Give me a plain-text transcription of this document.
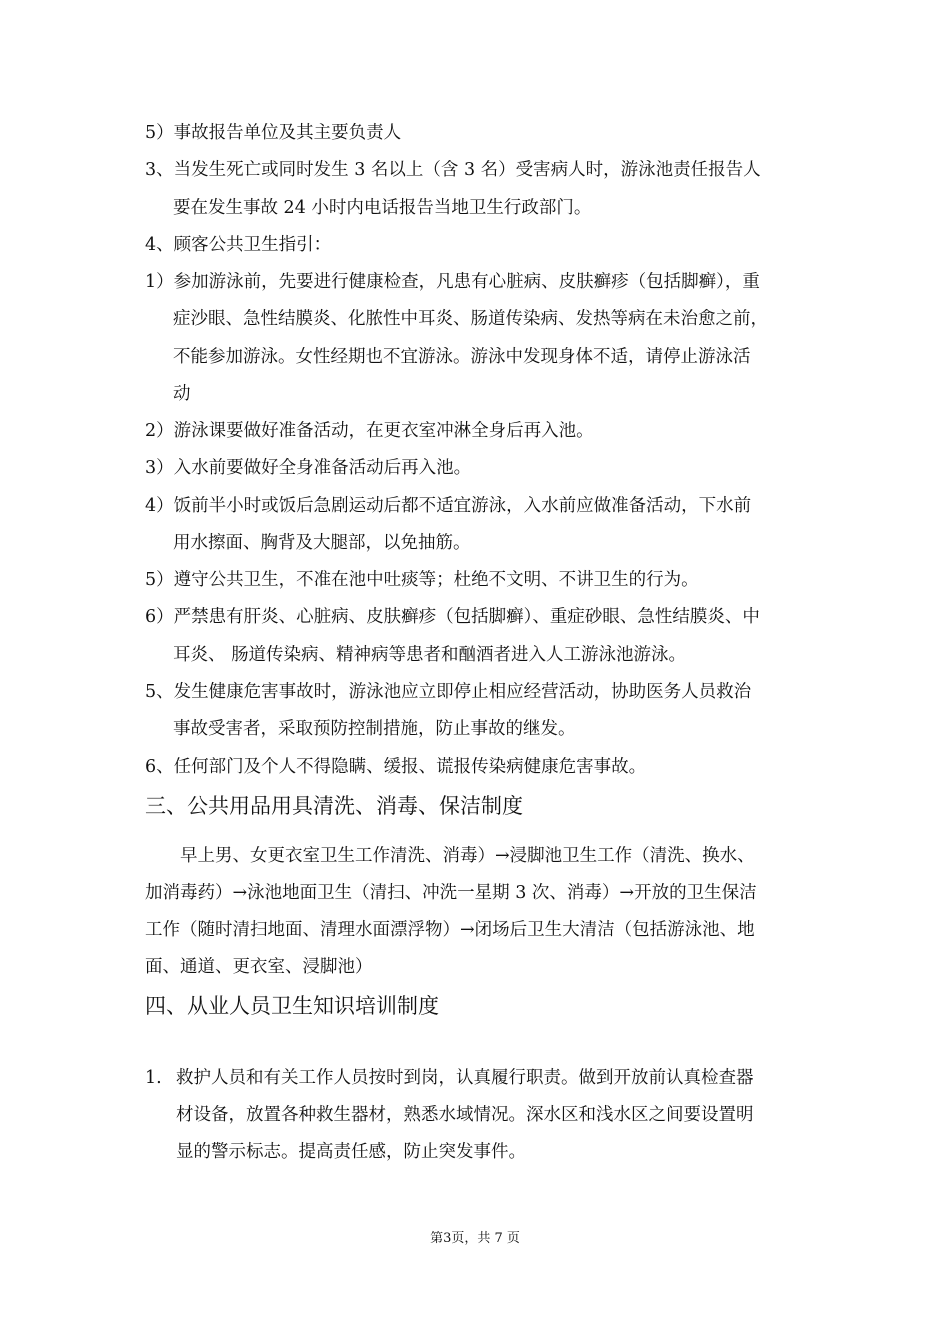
5）事故报告单位及其主要负责人
3、当发生死亡或同时发生 3 名以上（含 3 名）受害病人时，游泳池责任报告人
要在发生事故 24 小时内电话报告当地卫生行政部门。
4、顾客公共卫生指引：
1）参加游泳前，先要进行健康检查，凡患有心脏病、皮肤癣疹（包括脚癣），重
症沙眼、急性结膜炎、化脓性中耳炎、肠道传染病、发热等病在未治愈之前，
不能参加游泳。女性经期也不宜游泳。游泳中发现身体不适，请停止游泳活
动
2）游泳课要做好准备活动，在更衣室冲淋全身后再入池。
3）入水前要做好全身准备活动后再入池。
4）饭前半小时或饭后急剧运动后都不适宜游泳，入水前应做准备活动，下水前
用水擦面、胸背及大腿部，以免抽筋。
5）遵守公共卫生，不准在池中吐痰等；杜绝不文明、不讲卫生的行为。
6）严禁患有肝炎、心脏病、皮肤癣疹（包括脚癣）、重症砂眼、急性结膜炎、中
耳炎、 肠道传染病、精神病等患者和酗酒者进入人工游泳池游泳。
5、发生健康危害事故时，游泳池应立即停止相应经营活动，协助医务人员救治
事故受害者，采取预防控制措施，防止事故的继发。
6、任何部门及个人不得隐瞒、缓报、谎报传染病健康危害事故。
三、公共用品用具清洗、消毒、保洁制度
早上男、女更衣室卫生工作清洗、消毒）→浸脚池卫生工作（清洗、换水、
加消毒药）→泳池地面卫生（清扫、冲洗一星期 3 次、消毒）→开放的卫生保洁
工作（随时清扫地面、清理水面漂浮物）→闭场后卫生大清洁（包括游泳池、地
面、通道、更衣室、浸脚池）
四、从业人员卫生知识培训制度
1. 救护人员和有关工作人员按时到岗，认真履行职责。做到开放前认真检查器
材设备，放置各种救生器材，熟悉水域情况。深水区和浅水区之间要设置明
显的警示标志。提高责任感，防止突发事件。
第3页，共 7 页
